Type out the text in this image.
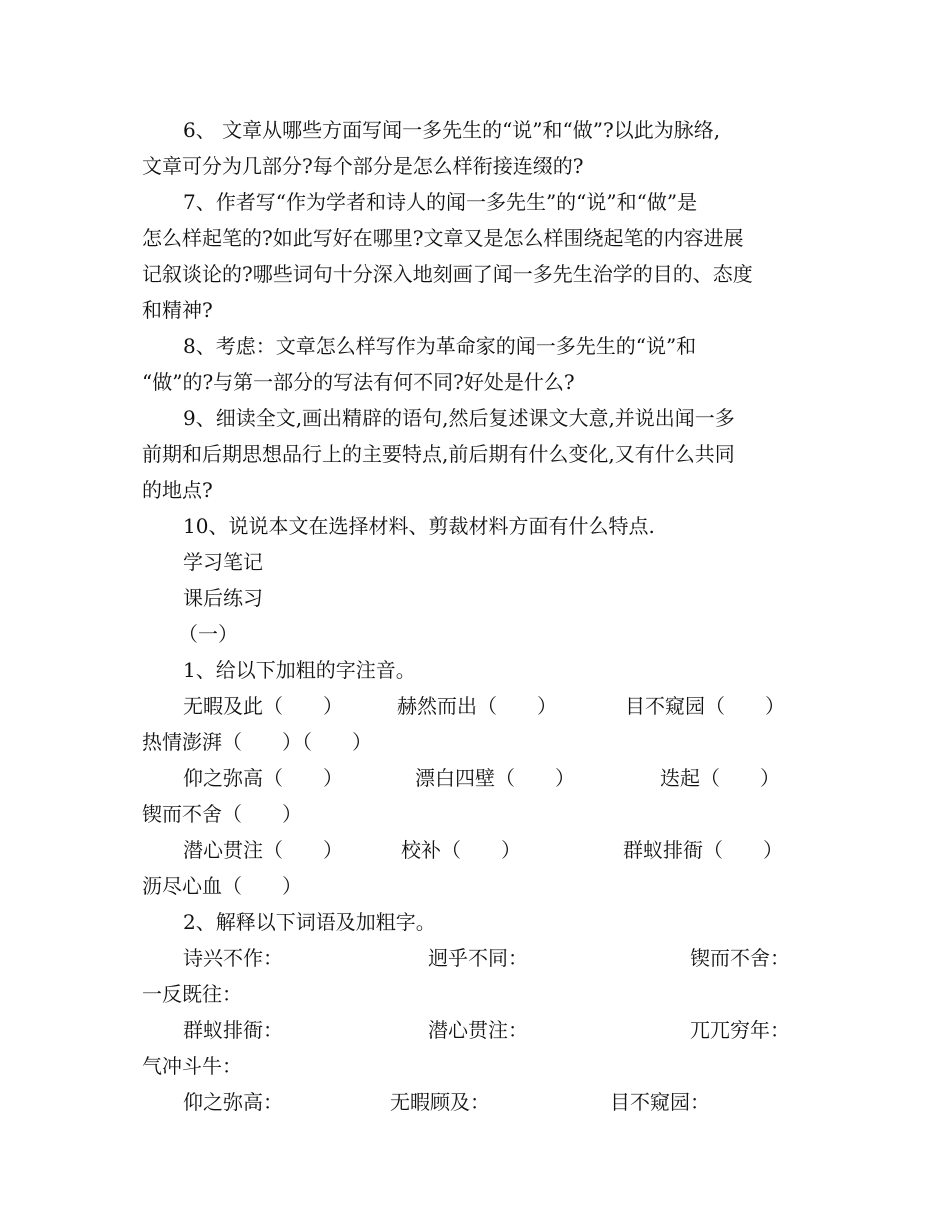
6、 文章从哪些方面写闻一多先生的“说”和“做”?以此为脉络,
文章可分为几部分?每个部分是怎么样衔接连缀的?
7、作者写“作为学者和诗人的闻一多先生”的“说”和“做”是
怎么样起笔的?如此写好在哪里?文章又是怎么样围绕起笔的内容进展
记叙谈论的?哪些词句十分深入地刻画了闻一多先生治学的目的、态度
和精神?
8、考虑：文章怎么样写作为革命家的闻一多先生的“说”和
“做”的?与第一部分的写法有何不同?好处是什么?
9、细读全文,画出精辟的语句,然后复述课文大意,并说出闻一多
前期和后期思想品行上的主要特点,前后期有什么变化,又有什么共同
的地点?
10、说说本文在选择材料、剪裁材料方面有什么特点.
学习笔记
课后练习
（一）
1、给以下加粗的字注音。
无暇及此（　　）	赫然而出（　　）	目不窥园（　　）
热情澎湃（　　）（　　）
仰之弥高（　　）	漂白四壁（　　）	迭起（　　）
锲而不舍（　　）
潜心贯注（　　）	校补（　　）	群蚁排衙（　　）
沥尽心血（　　）
2、解释以下词语及加粗字。
诗兴不作：	迥乎不同：	锲而不舍：
一反既往：
群蚁排衙：	潜心贯注：	兀兀穷年：
气冲斗牛：
仰之弥高：	无暇顾及：	目不窥园：
